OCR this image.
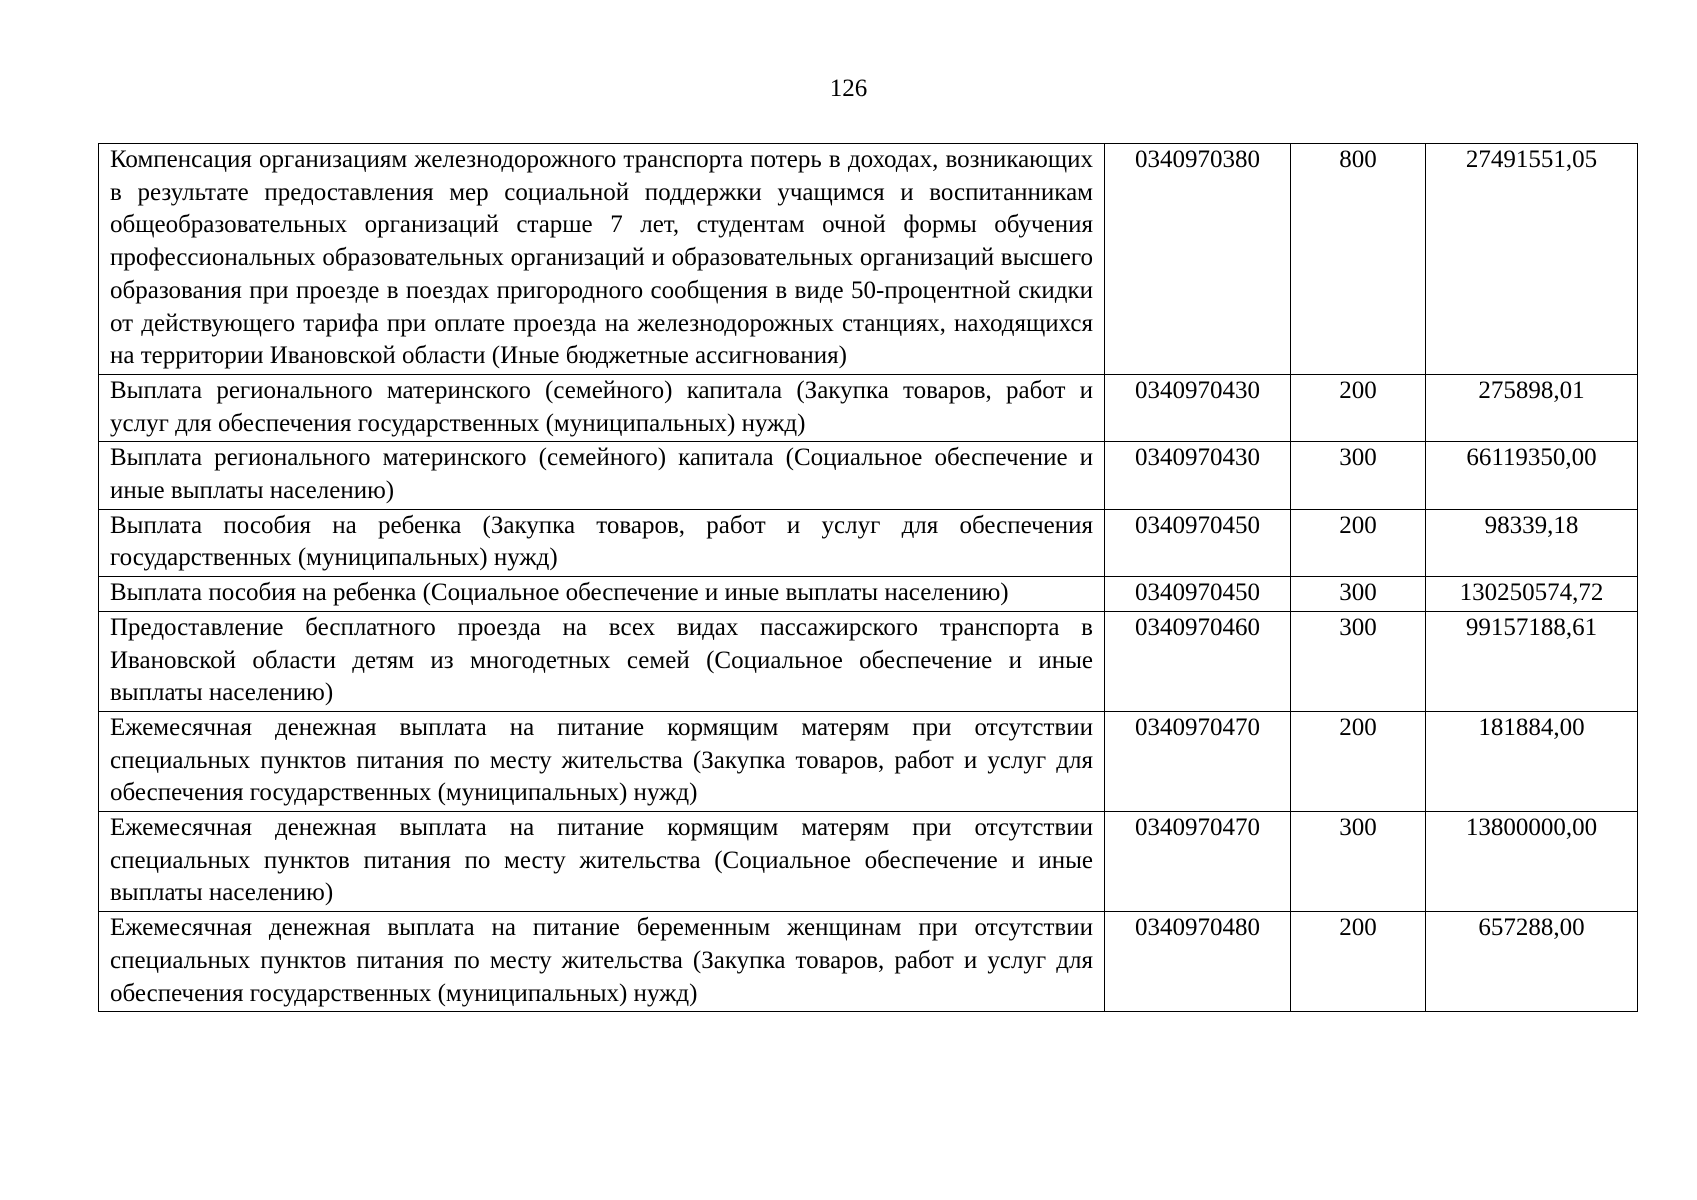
126
Компенсация организациям железнодорожного транспорта потерь в доходах, возникающих в результате предоставления мер социальной поддержки учащимся и воспитанникам общеобразовательных организаций старше 7 лет, студентам очной формы обучения профессиональных образовательных организаций и образовательных организаций высшего образования при проезде в поездах пригородного сообщения в виде 50-процентной скидки от действующего тарифа при оплате проезда на железнодорожных станциях, находящихся на территории Ивановской области (Иные бюджетные ассигнования)	0340970380	800	27491551,05
Выплата регионального материнского (семейного) капитала (Закупка товаров, работ и услуг для обеспечения государственных (муниципальных) нужд)	0340970430	200	275898,01
Выплата регионального материнского (семейного) капитала (Социальное обеспечение и иные выплаты населению)	0340970430	300	66119350,00
Выплата пособия на ребенка (Закупка товаров, работ и услуг для обеспечения государственных (муниципальных) нужд)	0340970450	200	98339,18
Выплата пособия на ребенка (Социальное обеспечение и иные выплаты населению)	0340970450	300	130250574,72
Предоставление бесплатного проезда на всех видах пассажирского транспорта в Ивановской области детям из многодетных семей (Социальное обеспечение и иные выплаты населению)	0340970460	300	99157188,61
Ежемесячная денежная выплата на питание кормящим матерям при отсутствии специальных пунктов питания по месту жительства (Закупка товаров, работ и услуг для обеспечения государственных (муниципальных) нужд)	0340970470	200	181884,00
Ежемесячная денежная выплата на питание кормящим матерям при отсутствии специальных пунктов питания по месту жительства (Социальное обеспечение и иные выплаты населению)	0340970470	300	13800000,00
Ежемесячная денежная выплата на питание беременным женщинам при отсутствии специальных пунктов питания по месту жительства (Закупка товаров, работ и услуг для обеспечения государственных (муниципальных) нужд)	0340970480	200	657288,00
